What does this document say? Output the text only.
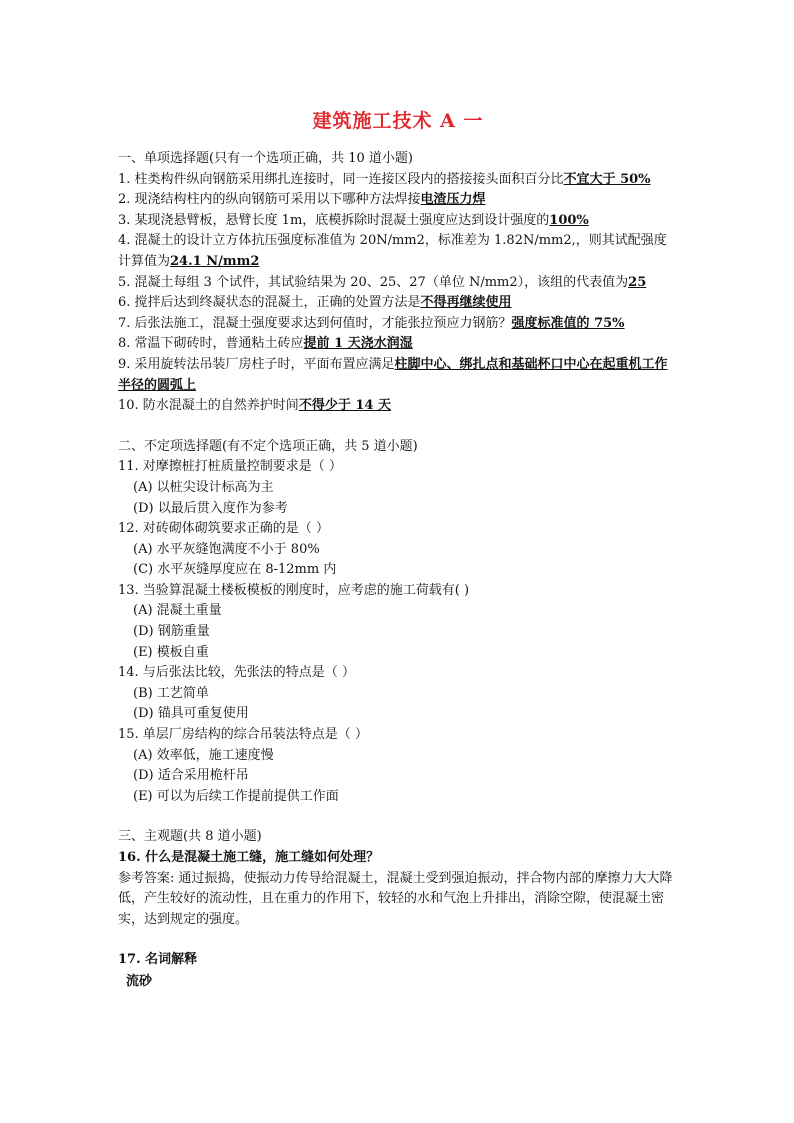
建筑施工技术 A 一
一、单项选择题(只有一个选项正确，共 10 道小题)
1. 柱类构件纵向钢筋采用绑扎连接时，同一连接区段内的搭接接头面积百分比不宜大于 50%
2. 现浇结构柱内的纵向钢筋可采用以下哪种方法焊接电渣压力焊
3. 某现浇悬臂板，悬臂长度 1m，底模拆除时混凝土强度应达到设计强度的100%
4. 混凝土的设计立方体抗压强度标准值为 20N/mm2，标准差为 1.82N/mm2,，则其试配强度计算值为24.1 N/mm2
5. 混凝土每组 3 个试件，其试验结果为 20、25、27（单位 N/mm2），该组的代表值为25
6. 搅拌后达到终凝状态的混凝土，正确的处置方法是不得再继续使用
7. 后张法施工，混凝土强度要求达到何值时，才能张拉预应力钢筋？强度标准值的 75%
8. 常温下砌砖时，普通粘土砖应提前 1 天浇水润湿
9. 采用旋转法吊装厂房柱子时，平面布置应满足柱脚中心、绑扎点和基础杯口中心在起重机工作半径的圆弧上
10. 防水混凝土的自然养护时间不得少于 14 天
二、不定项选择题(有不定个选项正确，共 5 道小题)
11. 对摩擦桩打桩质量控制要求是（ ）
(A) 以桩尖设计标高为主
(D) 以最后贯入度作为参考
12. 对砖砌体砌筑要求正确的是（ ）
(A) 水平灰缝饱满度不小于 80%
(C) 水平灰缝厚度应在 8-12mm 内
13. 当验算混凝土楼板模板的刚度时，应考虑的施工荷载有( )
(A) 混凝土重量
(D) 钢筋重量
(E) 模板自重
14. 与后张法比较，先张法的特点是（ ）
(B) 工艺简单
(D) 锚具可重复使用
15. 单层厂房结构的综合吊装法特点是（ ）
(A) 效率低，施工速度慢
(D) 适合采用桅杆吊
(E) 可以为后续工作提前提供工作面
三、主观题(共 8 道小题)
16. 什么是混凝土施工缝，施工缝如何处理？
参考答案: 通过振捣，使振动力传导给混凝土，混凝土受到强迫振动，拌合物内部的摩擦力大大降低，产生较好的流动性，且在重力的作用下，较轻的水和气泡上升排出，消除空隙，使混凝土密实，达到规定的强度。
17. 名词解释
流砂
